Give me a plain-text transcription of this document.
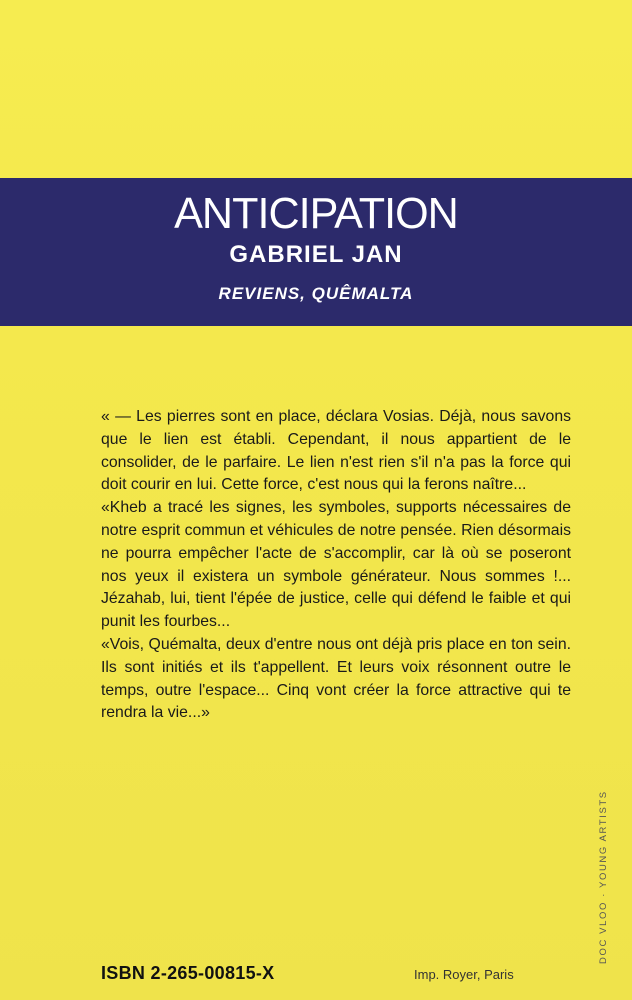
ANTICIPATION
GABRIEL JAN
REVIENS, QUÊMALTA

« — Les pierres sont en place, déclara Vosias. Déjà, nous savons que le lien est établi. Cependant, il nous appartient de le consolider, de le parfaire. Le lien n'est rien s'il n'a pas la force qui doit courir en lui. Cette force, c'est nous qui la ferons naître...

«Kheb a tracé les signes, les symboles, supports nécessaires de notre esprit commun et véhicules de notre pensée. Rien désormais ne pourra empêcher l'acte de s'accomplir, car là où se poseront nos yeux il existera un symbole générateur. Nous sommes !... Jézahab, lui, tient l'épée de justice, celle qui défend le faible et qui punit les fourbes...

«Vois, Quémalta, deux d'entre nous ont déjà pris place en ton sein. Ils sont initiés et ils t'appellent. Et leurs voix résonnent outre le temps, outre l'espace... Cinq vont créer la force attractive qui te rendra la vie...»

ISBN 2-265-00815-X	Imp. Royer, Paris
DOC VLOO · YOUNG ARTISTS
